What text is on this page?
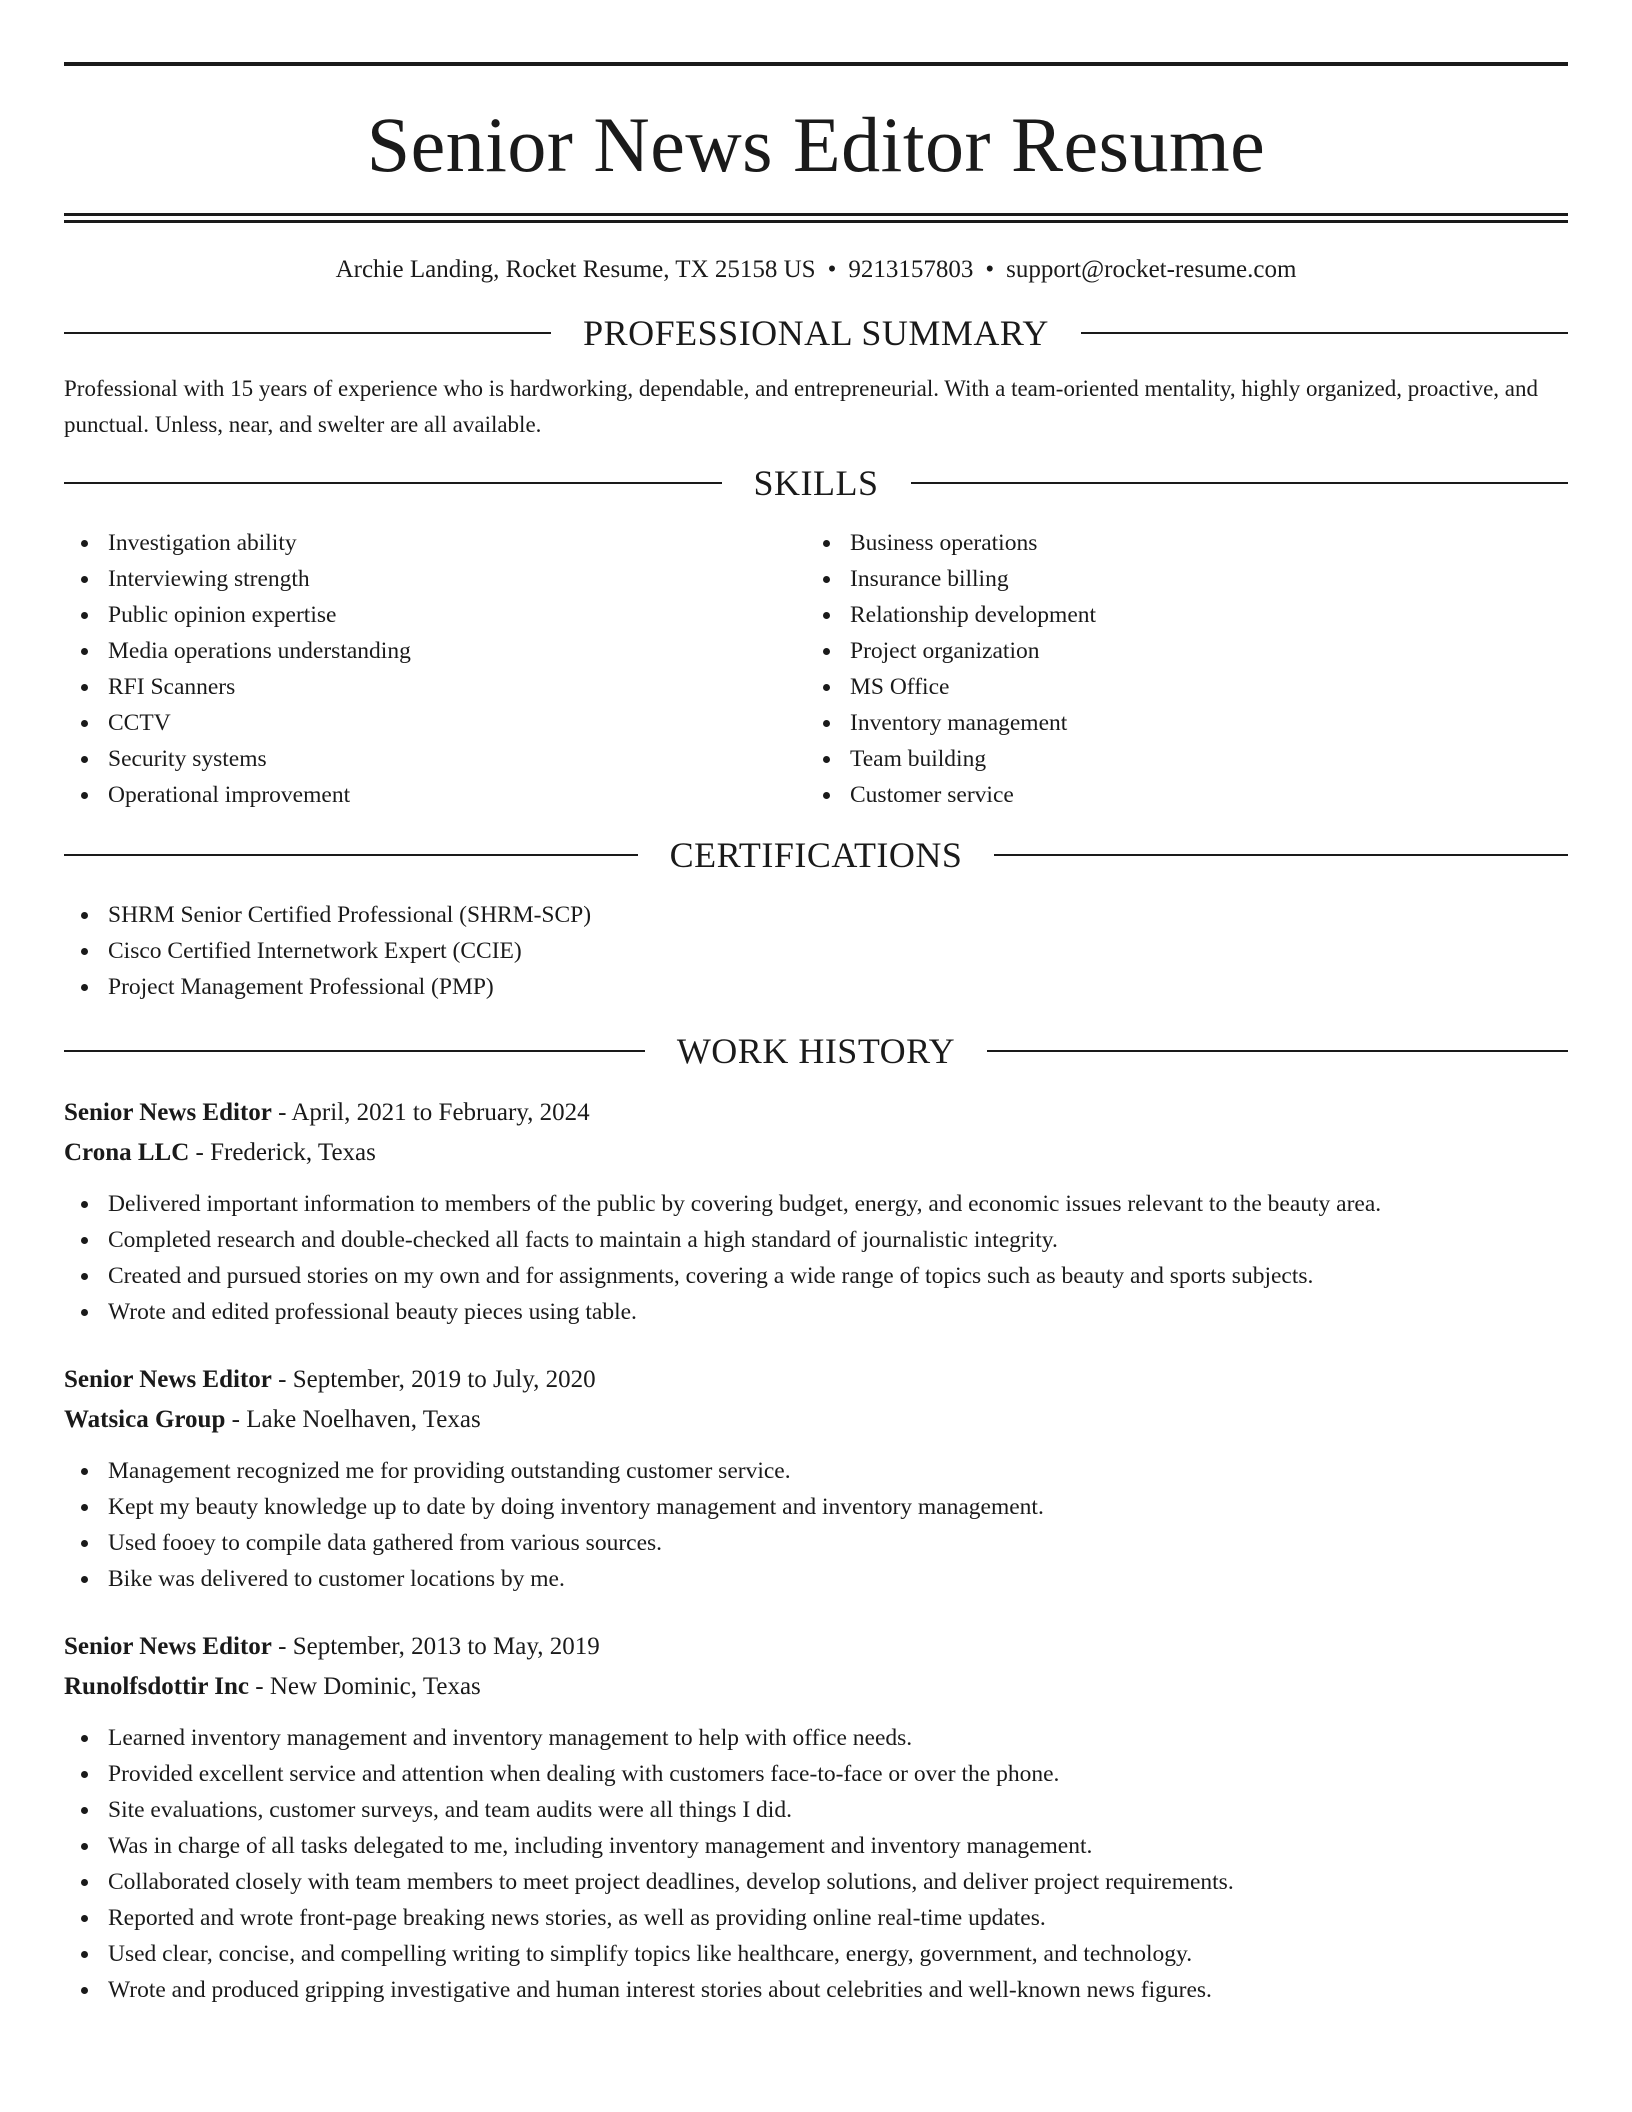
Senior News Editor Resume
Archie Landing, Rocket Resume, TX 25158 US • 9213157803 • support@rocket-resume.com
PROFESSIONAL SUMMARY
Professional with 15 years of experience who is hardworking, dependable, and entrepreneurial. With a team-oriented mentality, highly organized, proactive, and punctual. Unless, near, and swelter are all available.
SKILLS
Investigation ability
Interviewing strength
Public opinion expertise
Media operations understanding
RFI Scanners
CCTV
Security systems
Operational improvement
Business operations
Insurance billing
Relationship development
Project organization
MS Office
Inventory management
Team building
Customer service
CERTIFICATIONS
SHRM Senior Certified Professional (SHRM-SCP)
Cisco Certified Internetwork Expert (CCIE)
Project Management Professional (PMP)
WORK HISTORY
Senior News Editor - April, 2021 to February, 2024
Crona LLC - Frederick, Texas
Delivered important information to members of the public by covering budget, energy, and economic issues relevant to the beauty area.
Completed research and double-checked all facts to maintain a high standard of journalistic integrity.
Created and pursued stories on my own and for assignments, covering a wide range of topics such as beauty and sports subjects.
Wrote and edited professional beauty pieces using table.
Senior News Editor - September, 2019 to July, 2020
Watsica Group - Lake Noelhaven, Texas
Management recognized me for providing outstanding customer service.
Kept my beauty knowledge up to date by doing inventory management and inventory management.
Used fooey to compile data gathered from various sources.
Bike was delivered to customer locations by me.
Senior News Editor - September, 2013 to May, 2019
Runolfsdottir Inc - New Dominic, Texas
Learned inventory management and inventory management to help with office needs.
Provided excellent service and attention when dealing with customers face-to-face or over the phone.
Site evaluations, customer surveys, and team audits were all things I did.
Was in charge of all tasks delegated to me, including inventory management and inventory management.
Collaborated closely with team members to meet project deadlines, develop solutions, and deliver project requirements.
Reported and wrote front-page breaking news stories, as well as providing online real-time updates.
Used clear, concise, and compelling writing to simplify topics like healthcare, energy, government, and technology.
Wrote and produced gripping investigative and human interest stories about celebrities and well-known news figures.
